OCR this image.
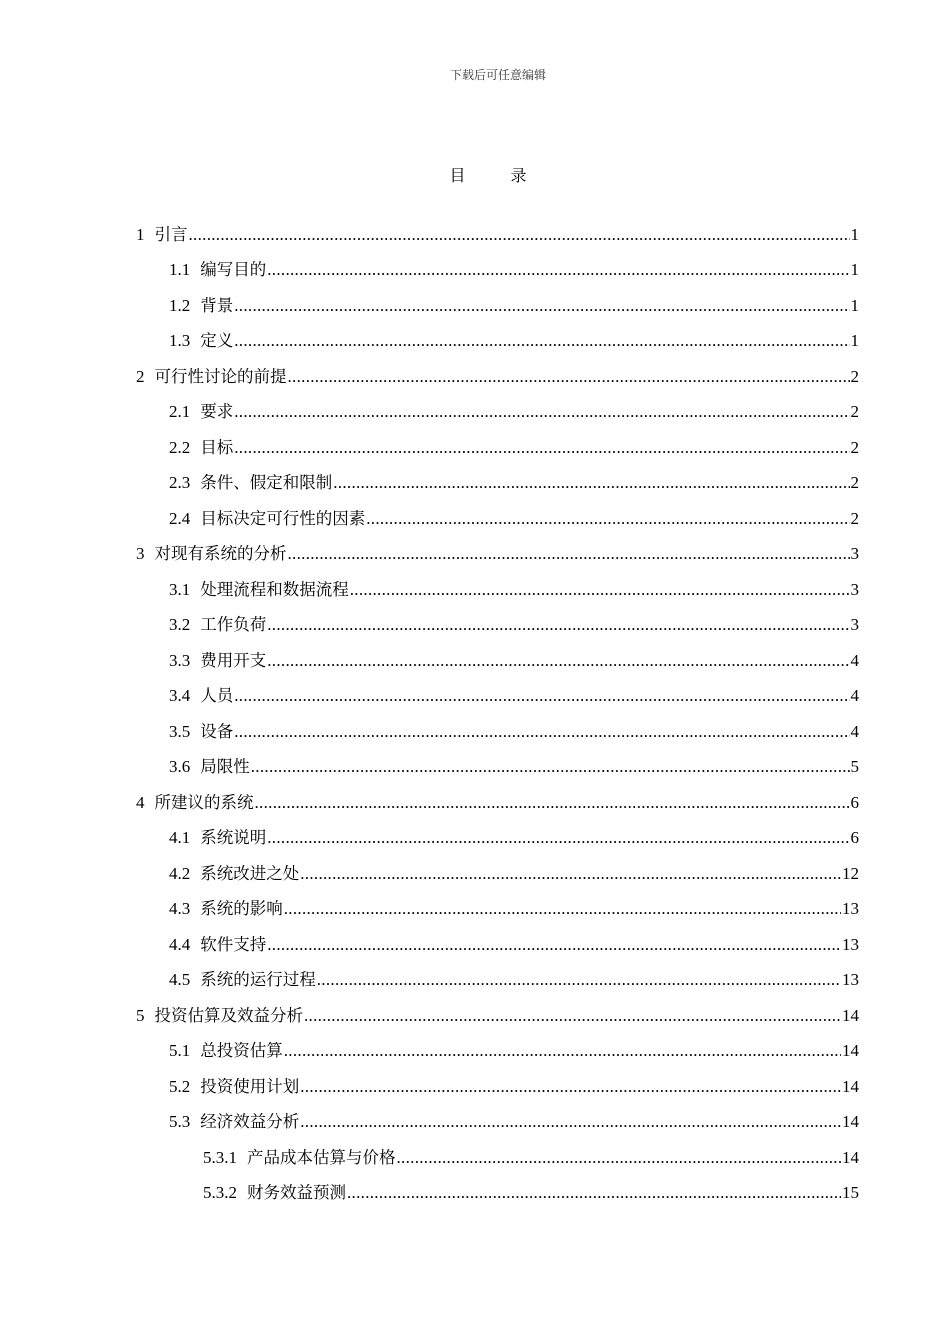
下载后可任意编辑
目 录
1 引言 .....	1
1.1 编写目的 .....	1
1.2 背景 .....	1
1.3 定义 .....	1
2 可行性讨论的前提 .....	2
2.1 要求 .....	2
2.2 目标 .....	2
2.3 条件、假定和限制 .....	2
2.4 目标决定可行性的因素 .....	2
3 对现有系统的分析 .....	3
3.1 处理流程和数据流程 .....	3
3.2 工作负荷 .....	3
3.3 费用开支 .....	4
3.4 人员 .....	4
3.5 设备 .....	4
3.6 局限性 .....	5
4 所建议的系统 .....	6
4.1 系统说明 .....	6
4.2 系统改进之处 .....	12
4.3 系统的影响 .....	13
4.4 软件支持 .....	13
4.5 系统的运行过程 .....	13
5 投资估算及效益分析 .....	14
5.1 总投资估算 .....	14
5.2 投资使用计划 .....	14
5.3 经济效益分析 .....	14
5.3.1 产品成本估算与价格 .....	14
5.3.2 财务效益预测 .....	15
